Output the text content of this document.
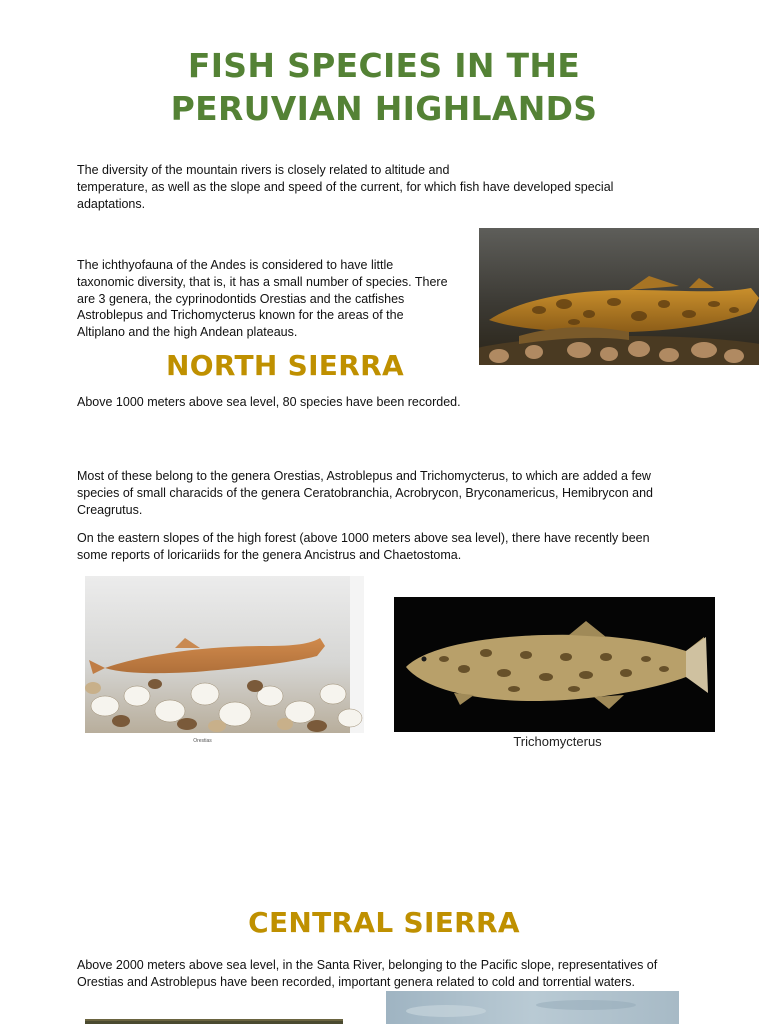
FISH SPECIES IN THE
PERUVIAN HIGHLANDS
The diversity of the mountain rivers is closely related to altitude and
temperature, as well as the slope and speed of the current, for which fish have developed special
adaptations.
The ichthyofauna of the Andes is considered to have little
taxonomic diversity, that is, it has a small number of species. There
are 3 genera, the cyprinodontids Orestias and the catfishes
Astroblepus and Trichomycterus known for the areas of the
Altiplano and the high Andean plateaus.
NORTH SIERRA
Above 1000 meters above sea level, 80 species have been recorded.
Most of these belong to the genera Orestias, Astroblepus and Trichomycterus, to which are added a few
species of small characids of the genera Ceratobranchia, Acrobrycon, Bryconamericus, Hemibrycon and
Creagrutus.
On the eastern slopes of the high forest (above 1000 meters above sea level), there have recently been
some reports of loricariids for the genera Ancistrus and Chaetostoma.
Orestias	Trichomycterus
CENTRAL SIERRA
Above 2000 meters above sea level, in the Santa River, belonging to the Pacific slope, representatives of
Orestias and Astroblepus have been recorded, important genera related to cold and torrential waters.
